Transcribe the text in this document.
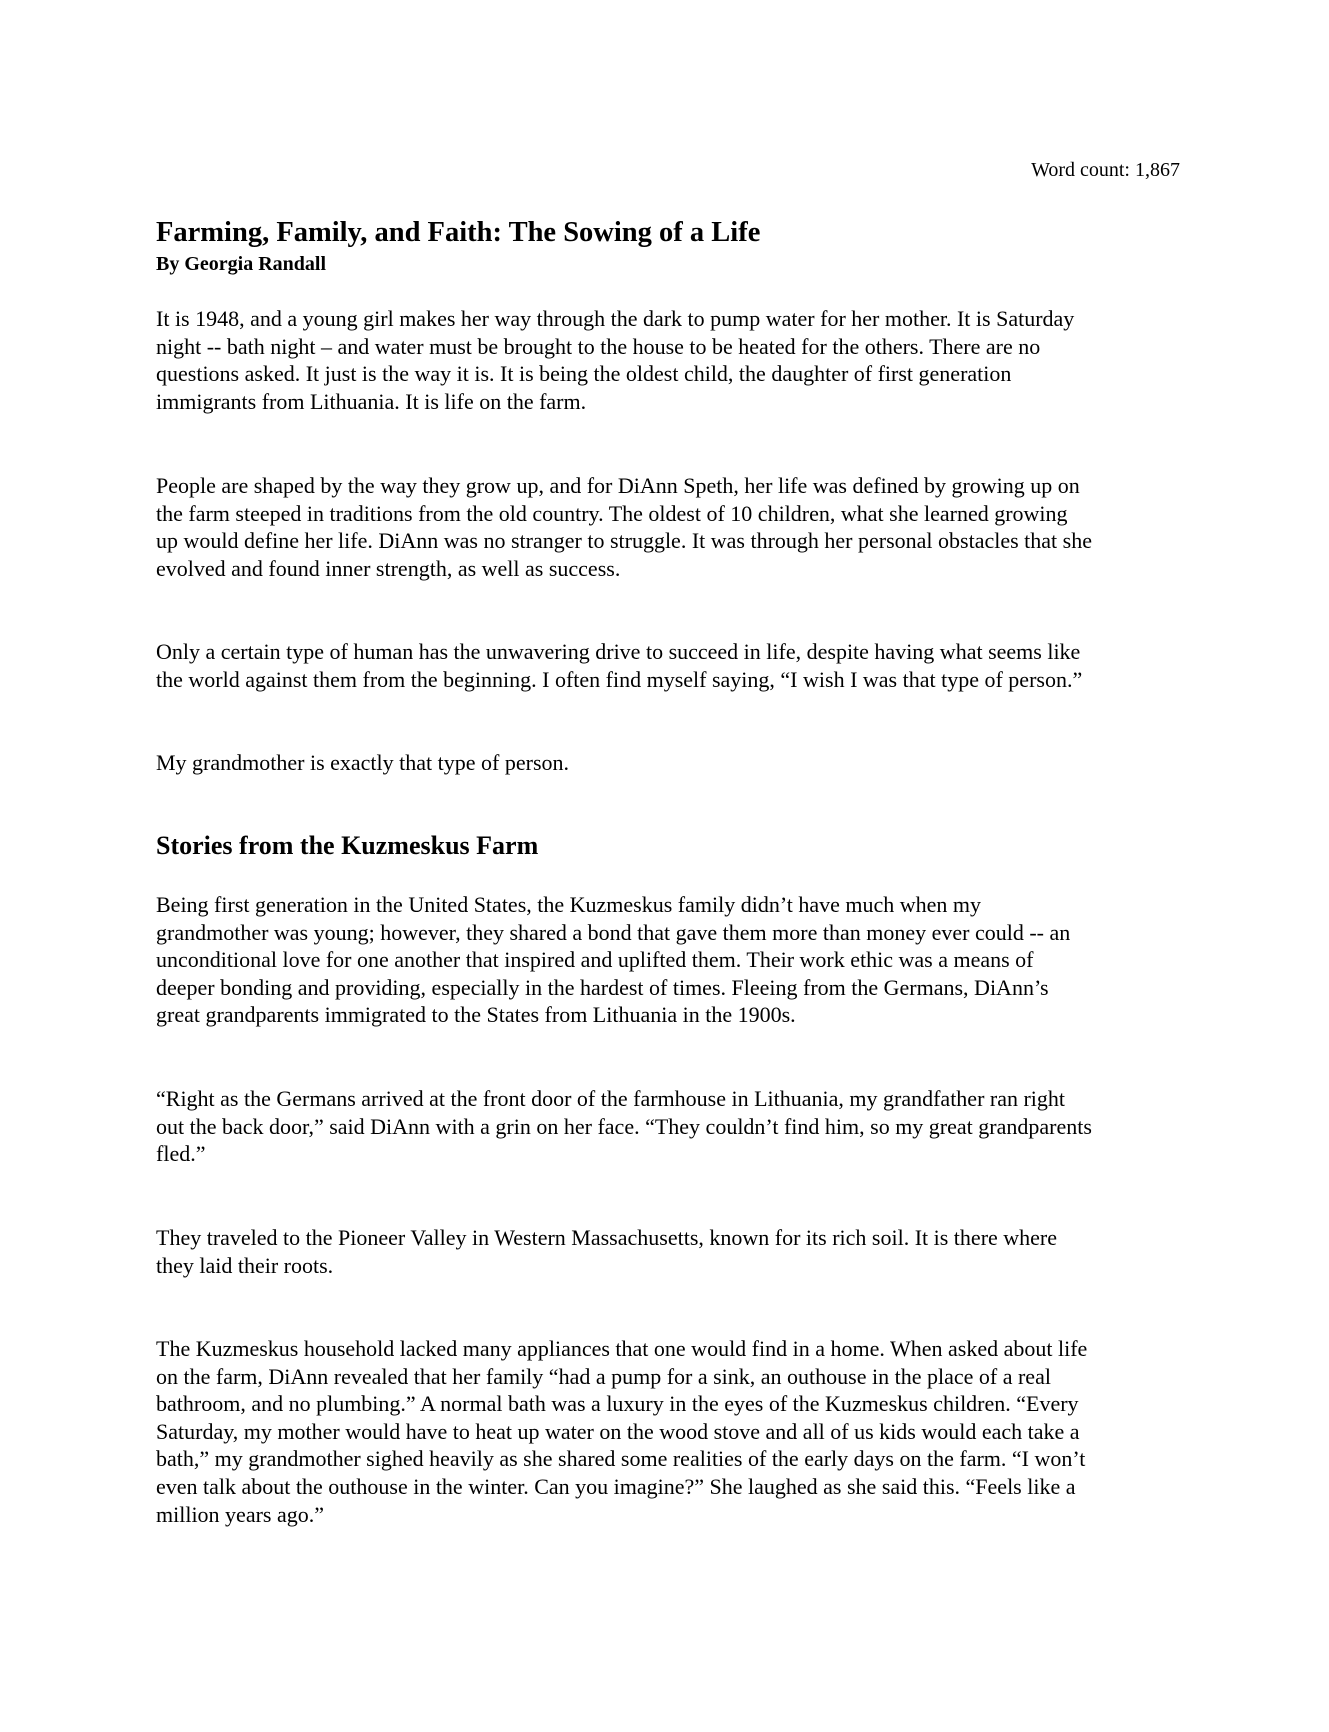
Word count: 1,867
Farming, Family, and Faith: The Sowing of a Life
By Georgia Randall

It is 1948, and a young girl makes her way through the dark to pump water for her mother. It is Saturday
night -- bath night – and water must be brought to the house to be heated for the others. There are no
questions asked. It just is the way it is. It is being the oldest child, the daughter of first generation
immigrants from Lithuania. It is life on the farm.

People are shaped by the way they grow up, and for DiAnn Speth, her life was defined by growing up on
the farm steeped in traditions from the old country. The oldest of 10 children, what she learned growing
up would define her life. DiAnn was no stranger to struggle. It was through her personal obstacles that she
evolved and found inner strength, as well as success.

Only a certain type of human has the unwavering drive to succeed in life, despite having what seems like
the world against them from the beginning. I often find myself saying, “I wish I was that type of person.”

My grandmother is exactly that type of person.

Stories from the Kuzmeskus Farm

Being first generation in the United States, the Kuzmeskus family didn’t have much when my
grandmother was young; however, they shared a bond that gave them more than money ever could -- an
unconditional love for one another that inspired and uplifted them. Their work ethic was a means of
deeper bonding and providing, especially in the hardest of times. Fleeing from the Germans, DiAnn’s
great grandparents immigrated to the States from Lithuania in the 1900s.

“Right as the Germans arrived at the front door of the farmhouse in Lithuania, my grandfather ran right
out the back door,” said DiAnn with a grin on her face. “They couldn’t find him, so my great grandparents
fled.”

They traveled to the Pioneer Valley in Western Massachusetts, known for its rich soil. It is there where
they laid their roots.

The Kuzmeskus household lacked many appliances that one would find in a home. When asked about life
on the farm, DiAnn revealed that her family “had a pump for a sink, an outhouse in the place of a real
bathroom, and no plumbing.” A normal bath was a luxury in the eyes of the Kuzmeskus children. “Every
Saturday, my mother would have to heat up water on the wood stove and all of us kids would each take a
bath,” my grandmother sighed heavily as she shared some realities of the early days on the farm. “I won’t
even talk about the outhouse in the winter. Can you imagine?” She laughed as she said this. “Feels like a
million years ago.”
